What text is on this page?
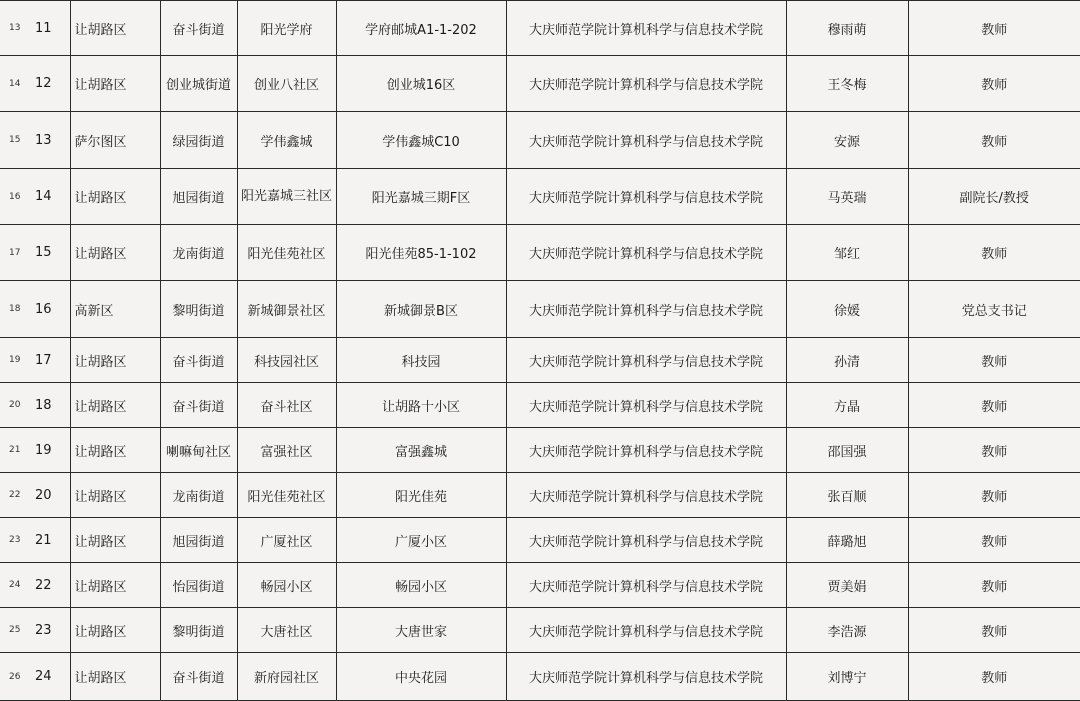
13	11	让胡路区	奋斗街道	阳光学府	学府邮城A1-1-202	大庆师范学院计算机科学与信息技术学院	穆雨萌	教师
14	12	让胡路区	创业城街道	创业八社区	创业城16区	大庆师范学院计算机科学与信息技术学院	王冬梅	教师
15	13	萨尔图区	绿园街道	学伟鑫城	学伟鑫城C10	大庆师范学院计算机科学与信息技术学院	安源	教师
16	14	让胡路区	旭园街道	阳光嘉城三社区	阳光嘉城三期F区	大庆师范学院计算机科学与信息技术学院	马英瑞	副院长/教授
17	15	让胡路区	龙南街道	阳光佳苑社区	阳光佳苑85-1-102	大庆师范学院计算机科学与信息技术学院	邹红	教师
18	16	高新区	黎明街道	新城御景社区	新城御景B区	大庆师范学院计算机科学与信息技术学院	徐媛	党总支书记
19	17	让胡路区	奋斗街道	科技园社区	科技园	大庆师范学院计算机科学与信息技术学院	孙清	教师
20	18	让胡路区	奋斗街道	奋斗社区	让胡路十小区	大庆师范学院计算机科学与信息技术学院	方晶	教师
21	19	让胡路区	喇嘛甸社区	富强社区	富强鑫城	大庆师范学院计算机科学与信息技术学院	邵国强	教师
22	20	让胡路区	龙南街道	阳光佳苑社区	阳光佳苑	大庆师范学院计算机科学与信息技术学院	张百顺	教师
23	21	让胡路区	旭园街道	广厦社区	广厦小区	大庆师范学院计算机科学与信息技术学院	薛璐旭	教师
24	22	让胡路区	怡园街道	畅园小区	畅园小区	大庆师范学院计算机科学与信息技术学院	贾美娟	教师
25	23	让胡路区	黎明街道	大唐社区	大唐世家	大庆师范学院计算机科学与信息技术学院	李浩源	教师
26	24	让胡路区	奋斗街道	新府园社区	中央花园	大庆师范学院计算机科学与信息技术学院	刘博宁	教师
